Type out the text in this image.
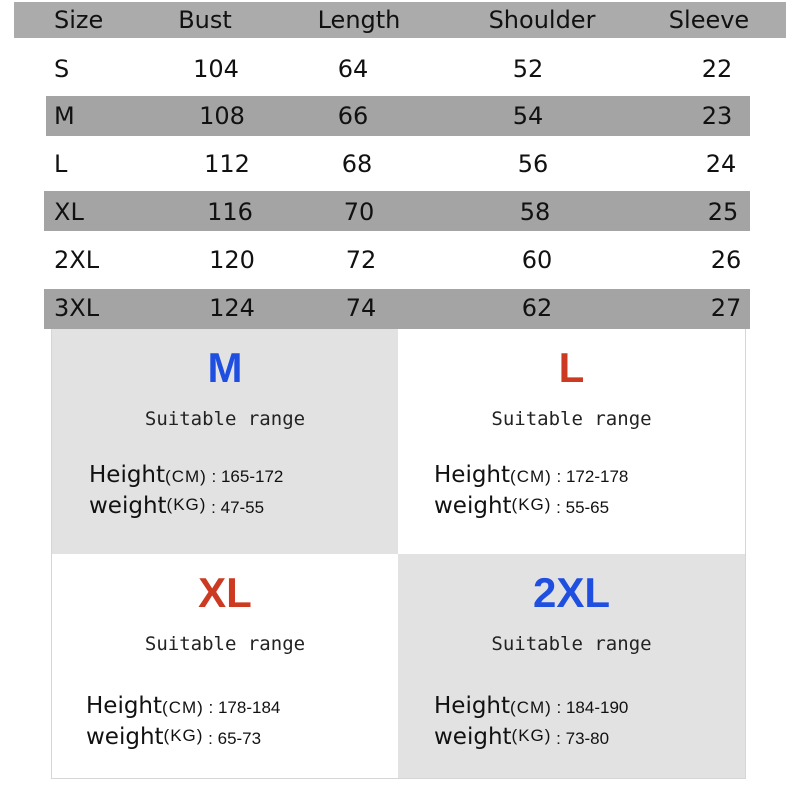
Size	Bust	Length	Shoulder	Sleeve
S	104	64	52	22
M	108	66	54	23
L	112	68	56	24
XL	116	70	58	25
2XL	120	72	60	26
3XL	124	74	62	27
M
Suitable range
Height(CM) : 165-172
weight(KG) : 47-55
L
Suitable range
Height(CM) : 172-178
weight(KG) : 55-65
XL
Suitable range
Height(CM) : 178-184
weight(KG) : 65-73
2XL
Suitable range
Height(CM) : 184-190
weight(KG) : 73-80
